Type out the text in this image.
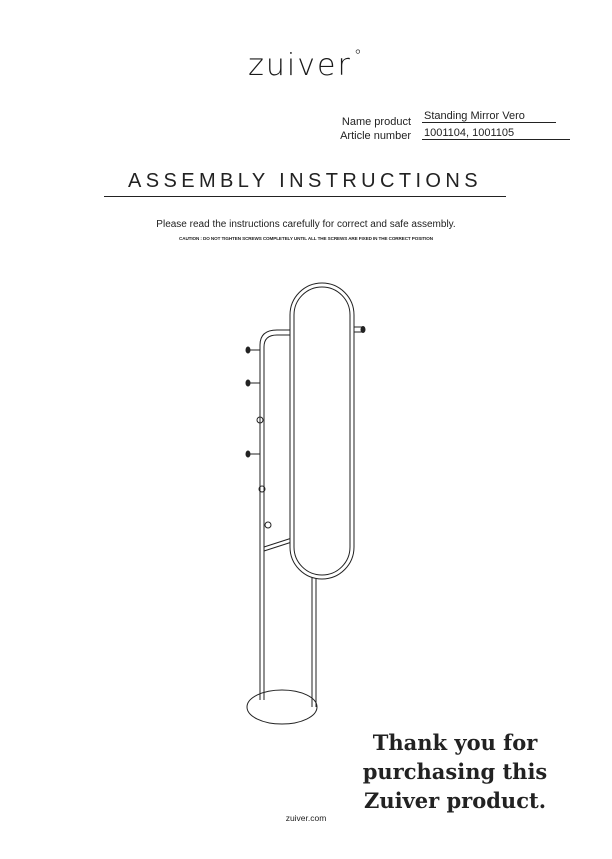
zuiver °
Name product Standing Mirror Vero
Article number 1001104, 1001105
ASSEMBLY INSTRUCTIONS
Please read the instructions carefully for correct and safe assembly.
CAUTION : DO NOT TIGHTEN SCREWS COMPLETELY UNTIL ALL THE SCREWS ARE FIXED IN THE CORRECT POSITION
Thank you for
purchasing this
Zuiver product.
zuiver.com
